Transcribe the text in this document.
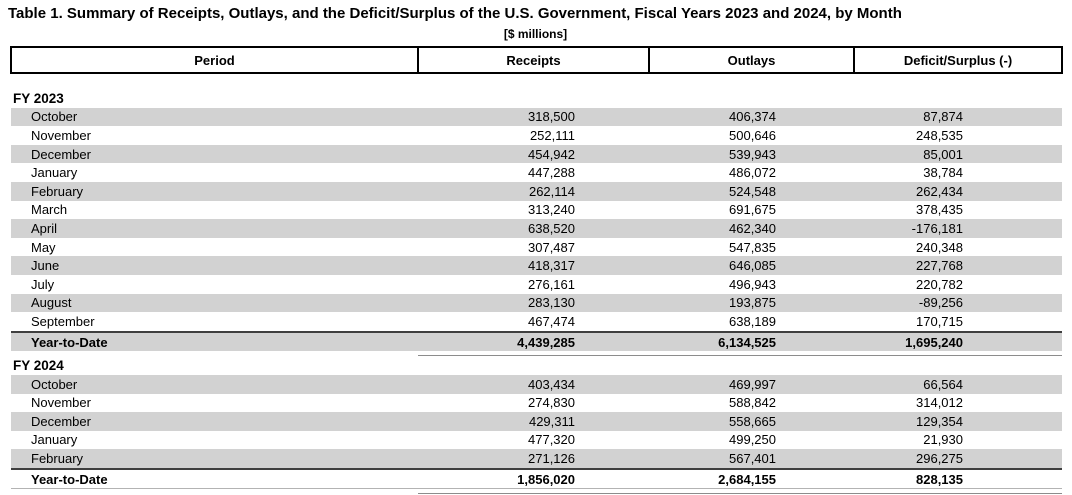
Table 1. Summary of Receipts, Outlays, and the Deficit/Surplus of the U.S. Government, Fiscal Years 2023 and 2024, by Month
[$ millions]
Period	Receipts	Outlays	Deficit/Surplus (-)

FY 2023			
October	318,500	406,374	87,874
November	252,111	500,646	248,535
December	454,942	539,943	85,001
January	447,288	486,072	38,784
February	262,114	524,548	262,434
March	313,240	691,675	378,435
April	638,520	462,340	-176,181
May	307,487	547,835	240,348
June	418,317	646,085	227,768
July	276,161	496,943	220,782
August	283,130	193,875	-89,256
September	467,474	638,189	170,715
Year-to-Date	4,439,285	6,134,525	1,695,240

FY 2024			
October	403,434	469,997	66,564
November	274,830	588,842	314,012
December	429,311	558,665	129,354
January	477,320	499,250	21,930
February	271,126	567,401	296,275
Year-to-Date	1,856,020	2,684,155	828,135
